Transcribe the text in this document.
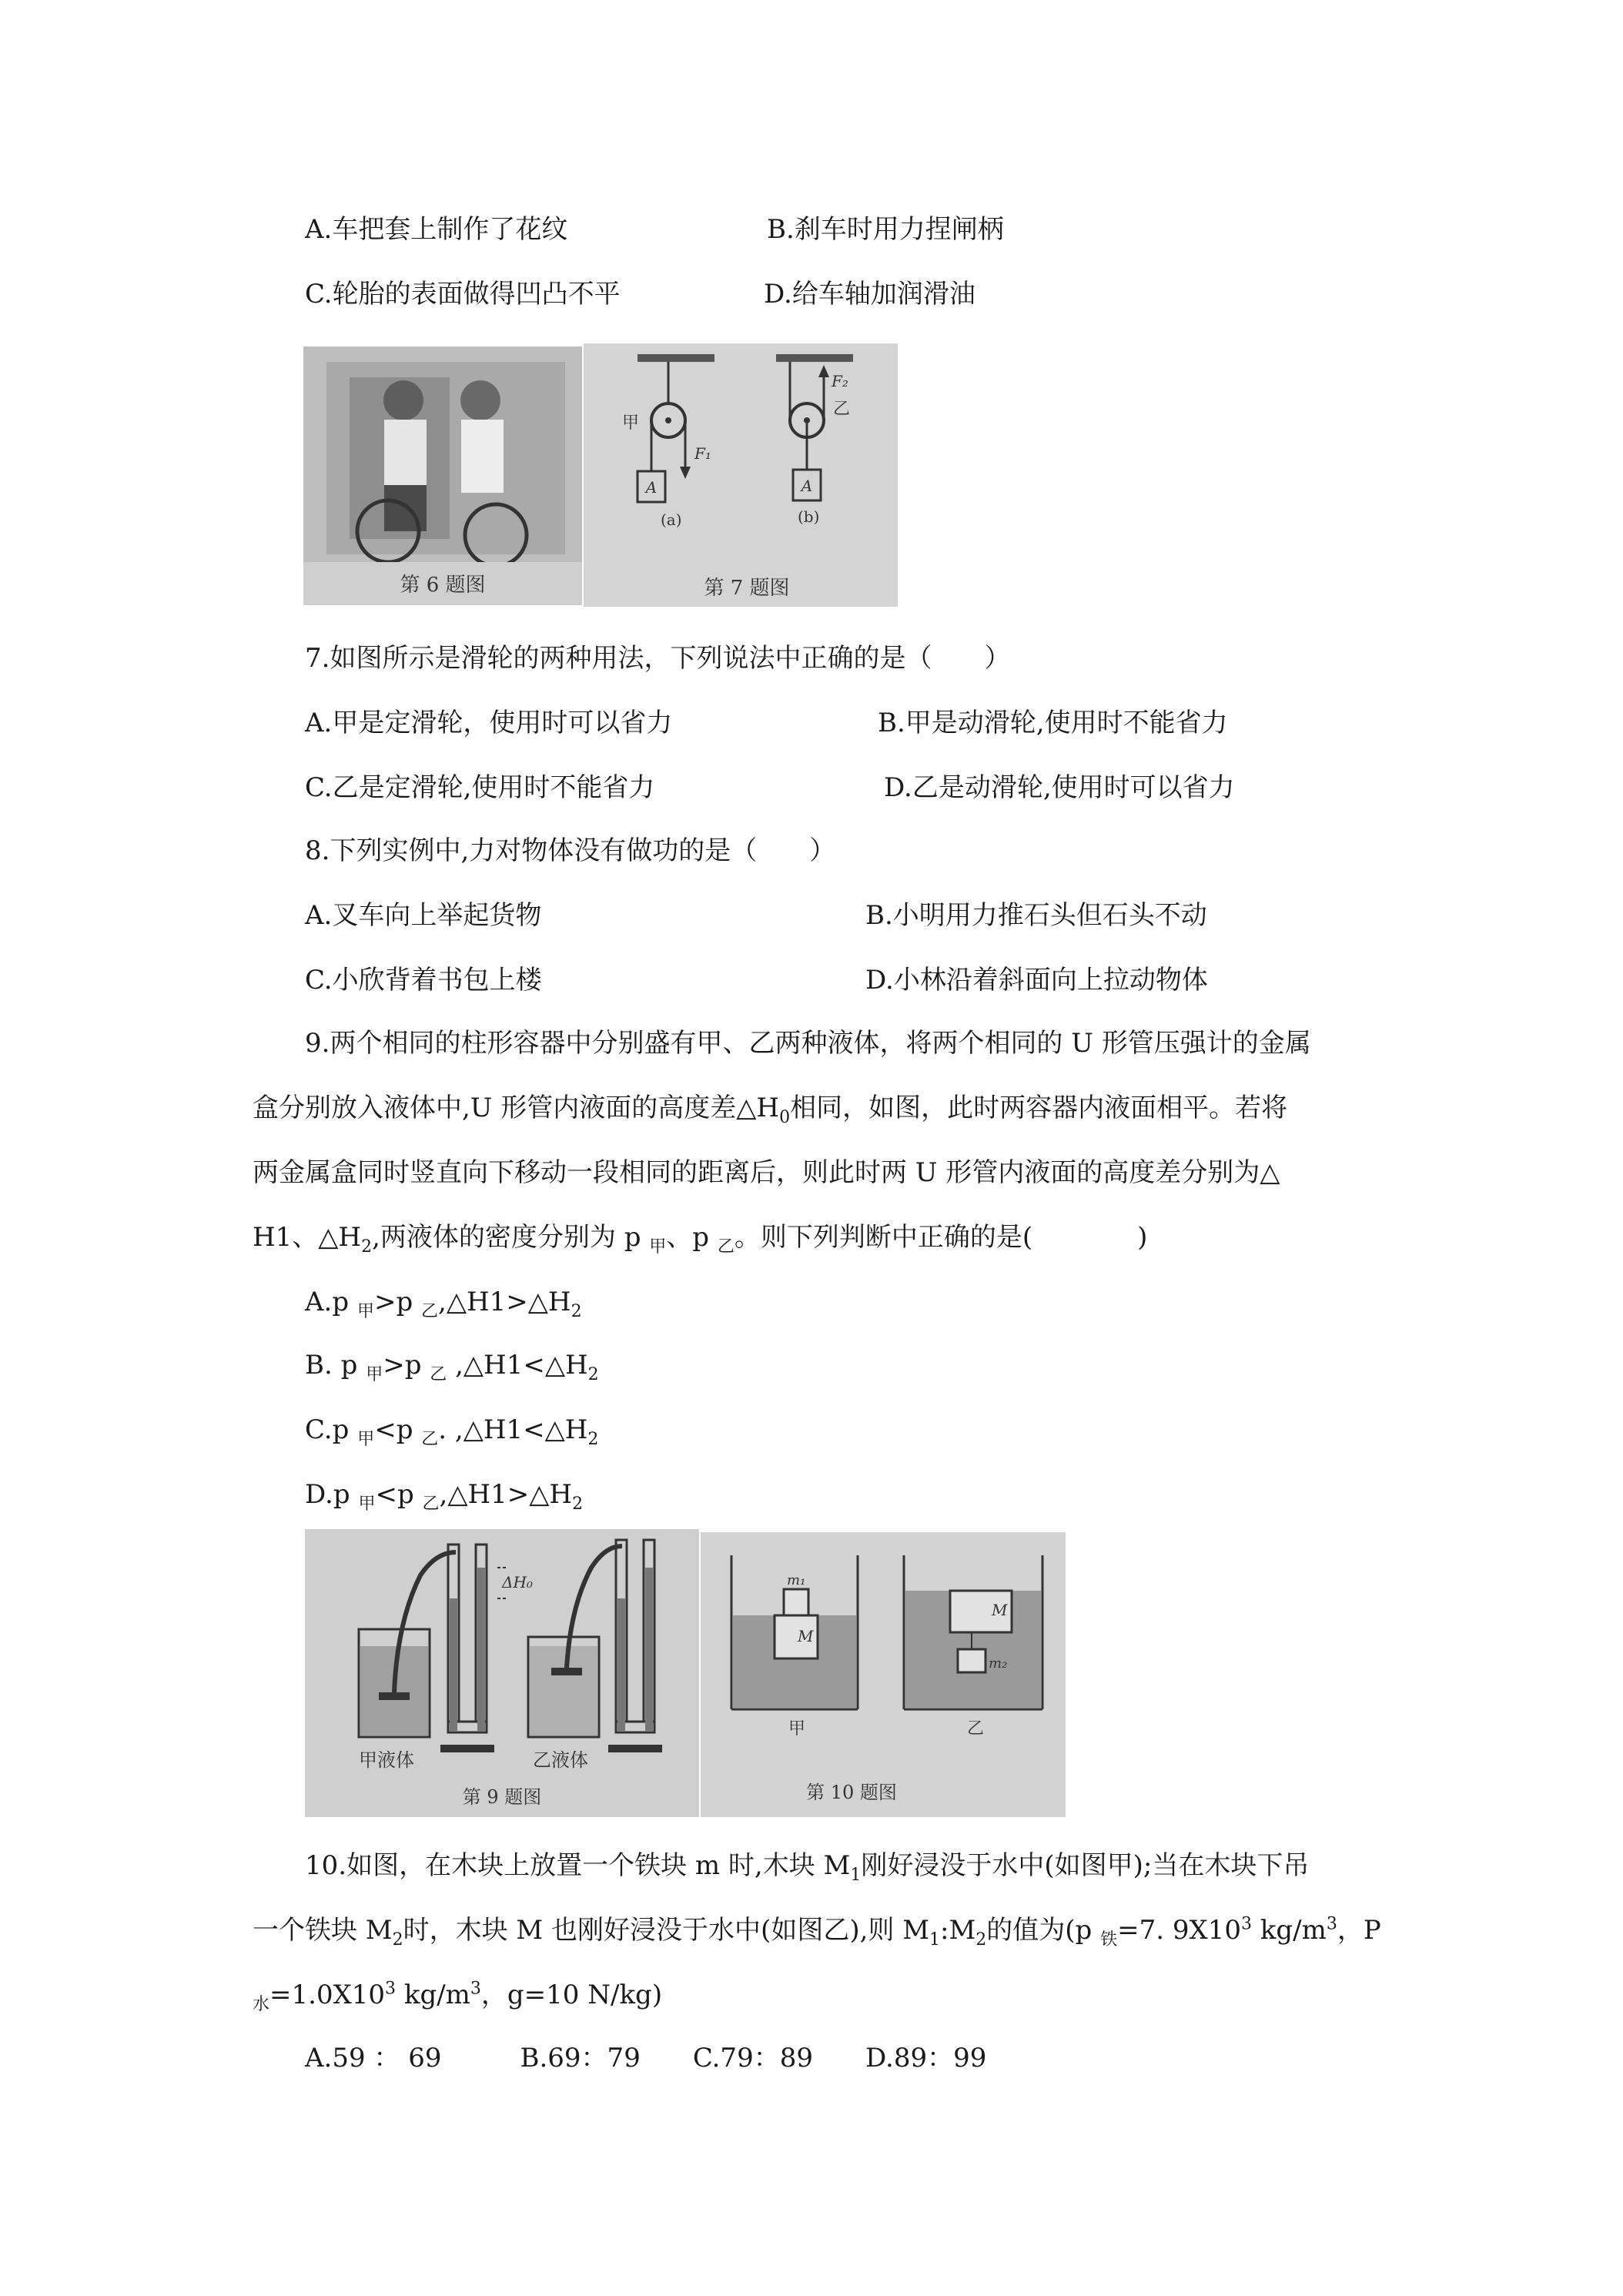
A.车把套上制作了花纹	B.刹车时用力捏闸柄
C.轮胎的表面做得凹凸不平	D.给车轴加润滑油
第 6 题图
A
甲
F₁
(a)
A
F₂
乙
(b)
第 7 题图
7.如图所示是滑轮的两种用法，下列说法中正确的是（　　）
A.甲是定滑轮，使用时可以省力	B.甲是动滑轮,使用时不能省力
C.乙是定滑轮,使用时不能省力	D.乙是动滑轮,使用时可以省力
8.下列实例中,力对物体没有做功的是（　　）
A.叉车向上举起货物	B.小明用力推石头但石头不动
C.小欣背着书包上楼	D.小林沿着斜面向上拉动物体
9.两个相同的柱形容器中分别盛有甲、乙两种液体，将两个相同的 U 形管压强计的金属
盒分别放入液体中,U 形管内液面的高度差$\triangle H_0$相同，如图，此时两容器内液面相平。若将
两金属盒同时竖直向下移动一段相同的距离后，则此时两 U 形管内液面的高度差分别为△
H1、$\triangle H_2$,两液体的密度分别为 p $_甲$、p $_乙$。则下列判断中正确的是(　　　　)
A.p $_甲$>p $_乙,\triangle H1>\triangle H_2$
B. p $_甲$>p $_乙$ $,\triangle H1<\triangle H_2$
C.p $_甲$<p $_乙$. $,\triangle H1<\triangle H_2$
D.p $_甲$<p $_乙,\triangle H1>\triangle H_2$
ΔH₀
甲液体	乙液体
第 9 题图
m₁
M
甲
M
m₂
乙
第 10 题图
10.如图，在木块上放置一个铁块 m 时,木块 $M_1$刚好浸没于水中(如图甲);当在木块下吊
一个铁块 $M_2$时，木块 M 也刚好浸没于水中(如图乙),则 $M_1:M_2$的值为(p $_铁$=7. $9X10^3$ $kg/m^3$，P
$_水=1.0X10^3$ $kg/m^3$，g=10 N/kg)
A.59 ： 69　　　B.69：79　　C.79：89　　D.89：99
